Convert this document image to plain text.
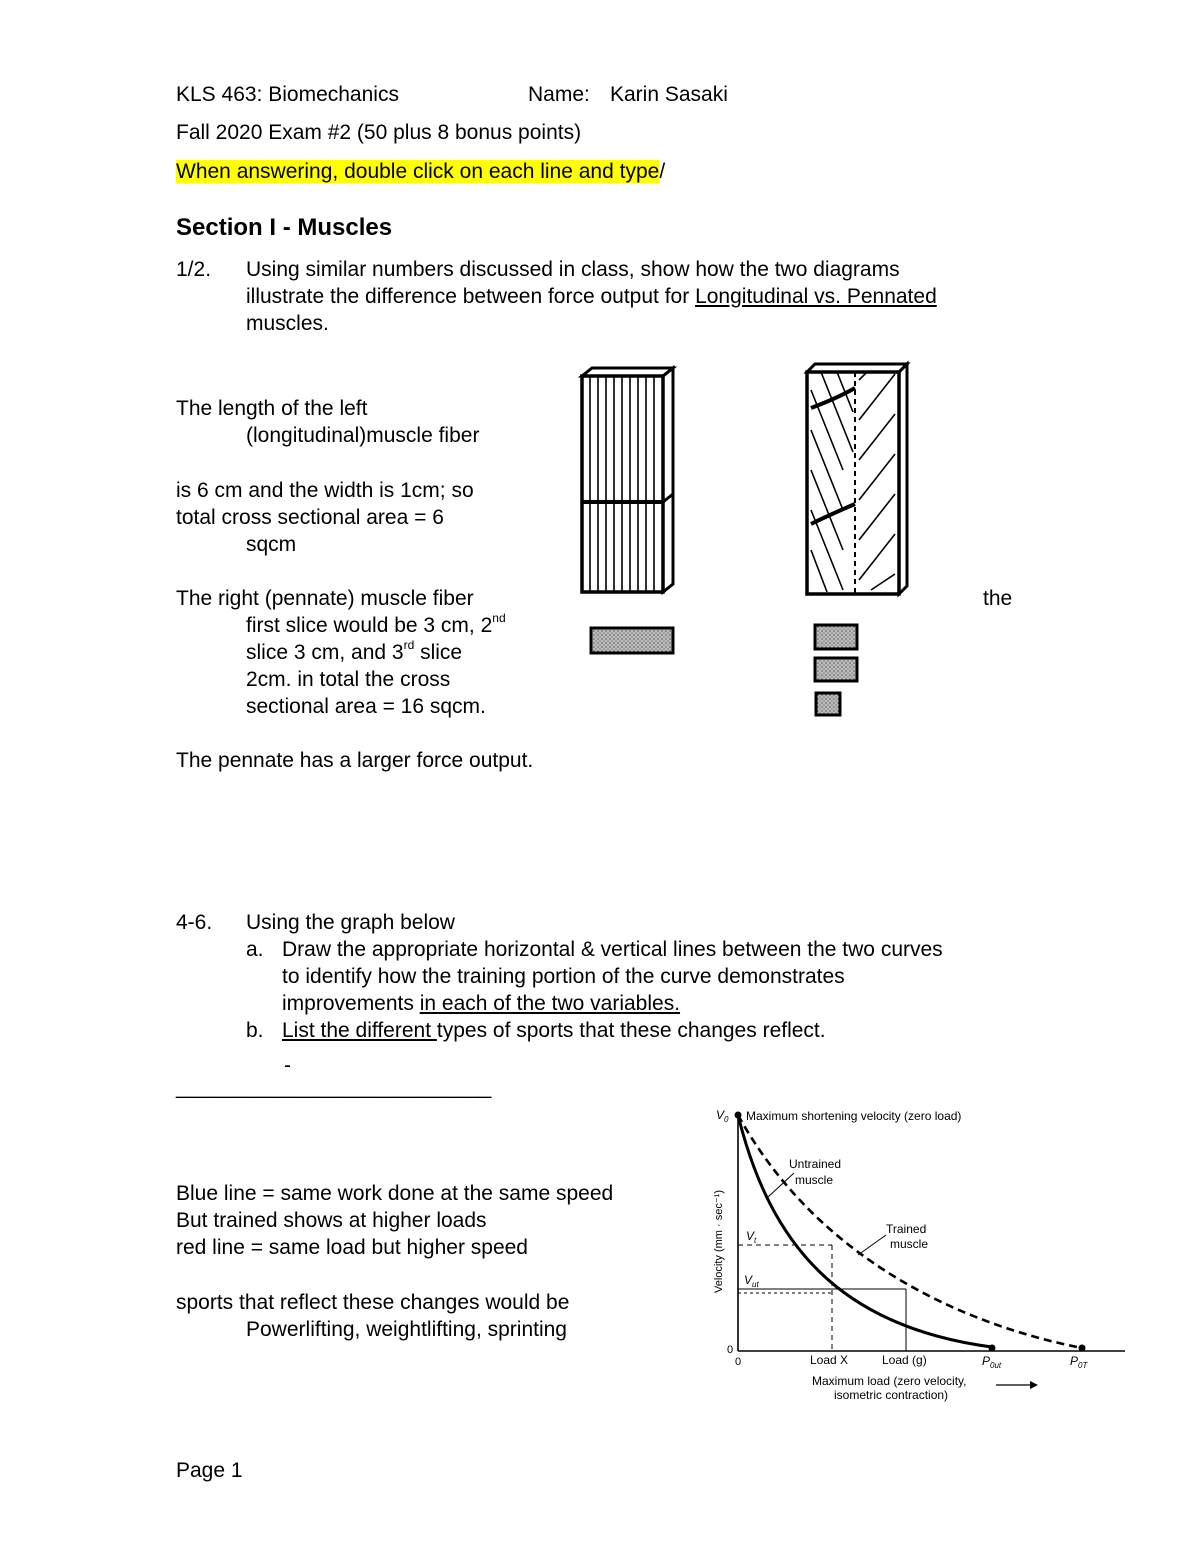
KLS 463: Biomechanics	Name: Karin Sasaki
Fall 2020 Exam #2 (50 plus 8 bonus points)
When answering, double click on each line and type/
Section I - Muscles
1/2. Using similar numbers discussed in class, show how the two diagrams
illustrate the difference between force output for Longitudinal vs. Pennated
muscles.
The length of the left
(longitudinal)muscle fiber
is 6 cm and the width is 1cm; so
total cross sectional area = 6
sqcm
The right (pennate) muscle fiber	the
first slice would be 3 cm, 2nd
slice 3 cm, and 3rd slice
2cm. in total the cross
sectional area = 16 sqcm.
The pennate has a larger force output.
4-6. Using the graph below
a. Draw the appropriate horizontal & vertical lines between the two curves
to identify how the training portion of the curve demonstrates
improvements in each of the two variables.
b. List the different types of sports that these changes reflect.
-
___________________________
Blue line = same work done at the same speed
But trained shows at higher loads
red line = same load but higher speed
sports that reflect these changes would be
Powerlifting, weightlifting, sprinting
$V_0$ Maximum shortening velocity (zero load)
Untrained
muscle
Trained
muscle
$V_t$
$V_{ut}$
Velocity (mm · sec⁻¹)
0
0	Load X	Load (g)	$P_{0ut}$	$P_{0T}$
Maximum load (zero velocity,
isometric contraction)
Page 1
